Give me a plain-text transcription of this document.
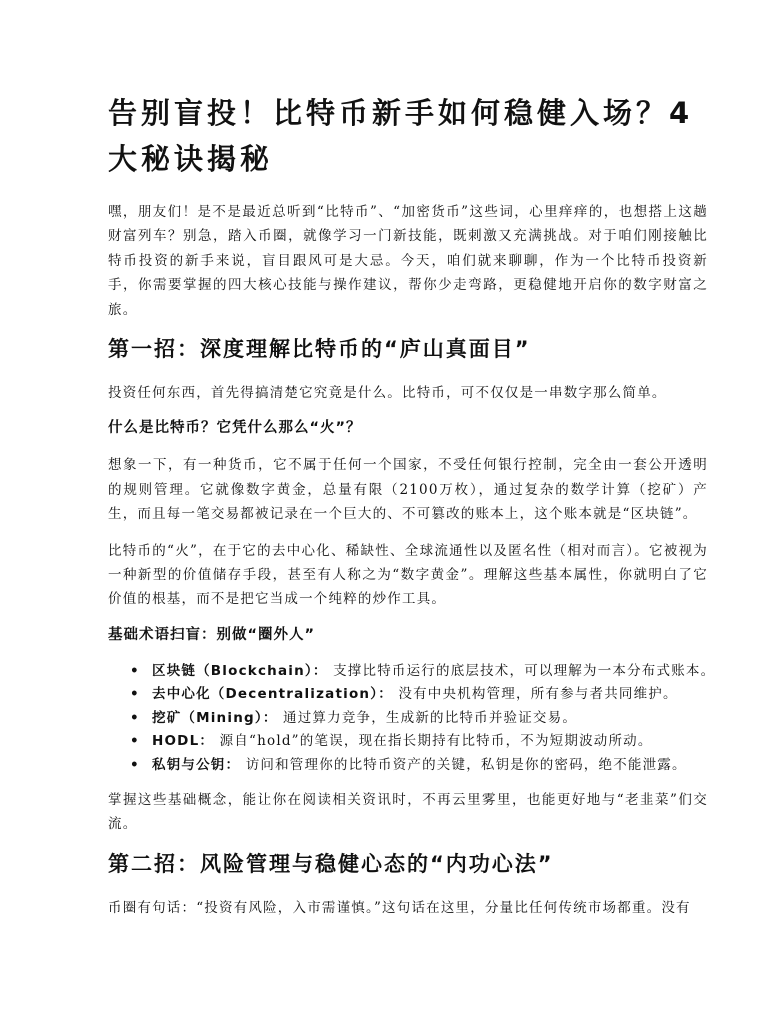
告别盲投！比特币新手如何稳健入场？4大秘诀揭秘

嘿，朋友们！是不是最近总听到“比特币”、“加密货币”这些词，心里痒痒的，也想搭上这趟财富列车？别急，踏入币圈，就像学习一门新技能，既刺激又充满挑战。对于咱们刚接触比特币投资的新手来说，盲目跟风可是大忌。今天，咱们就来聊聊，作为一个比特币投资新手，你需要掌握的四大核心技能与操作建议，帮你少走弯路，更稳健地开启你的数字财富之旅。

第一招：深度理解比特币的“庐山真面目”

投资任何东西，首先得搞清楚它究竟是什么。比特币，可不仅仅是一串数字那么简单。

什么是比特币？它凭什么那么“火”？

想象一下，有一种货币，它不属于任何一个国家，不受任何银行控制，完全由一套公开透明的规则管理。它就像数字黄金，总量有限（2100万枚），通过复杂的数学计算（挖矿）产生，而且每一笔交易都被记录在一个巨大的、不可篡改的账本上，这个账本就是“区块链”。

比特币的“火”，在于它的去中心化、稀缺性、全球流通性以及匿名性（相对而言）。它被视为一种新型的价值储存手段，甚至有人称之为“数字黄金”。理解这些基本属性，你就明白了它价值的根基，而不是把它当成一个纯粹的炒作工具。

基础术语扫盲：别做“圈外人”
• 区块链（Blockchain）： 支撑比特币运行的底层技术，可以理解为一本分布式账本。
• 去中心化（Decentralization）： 没有中央机构管理，所有参与者共同维护。
• 挖矿（Mining）： 通过算力竞争，生成新的比特币并验证交易。
• HODL： 源自“hold”的笔误，现在指长期持有比特币，不为短期波动所动。
• 私钥与公钥： 访问和管理你的比特币资产的关键，私钥是你的密码，绝不能泄露。

掌握这些基础概念，能让你在阅读相关资讯时，不再云里雾里，也能更好地与“老韭菜”们交流。

第二招：风险管理与稳健心态的“内功心法”

币圈有句话：“投资有风险，入市需谨慎。”这句话在这里，分量比任何传统市场都重。没有
